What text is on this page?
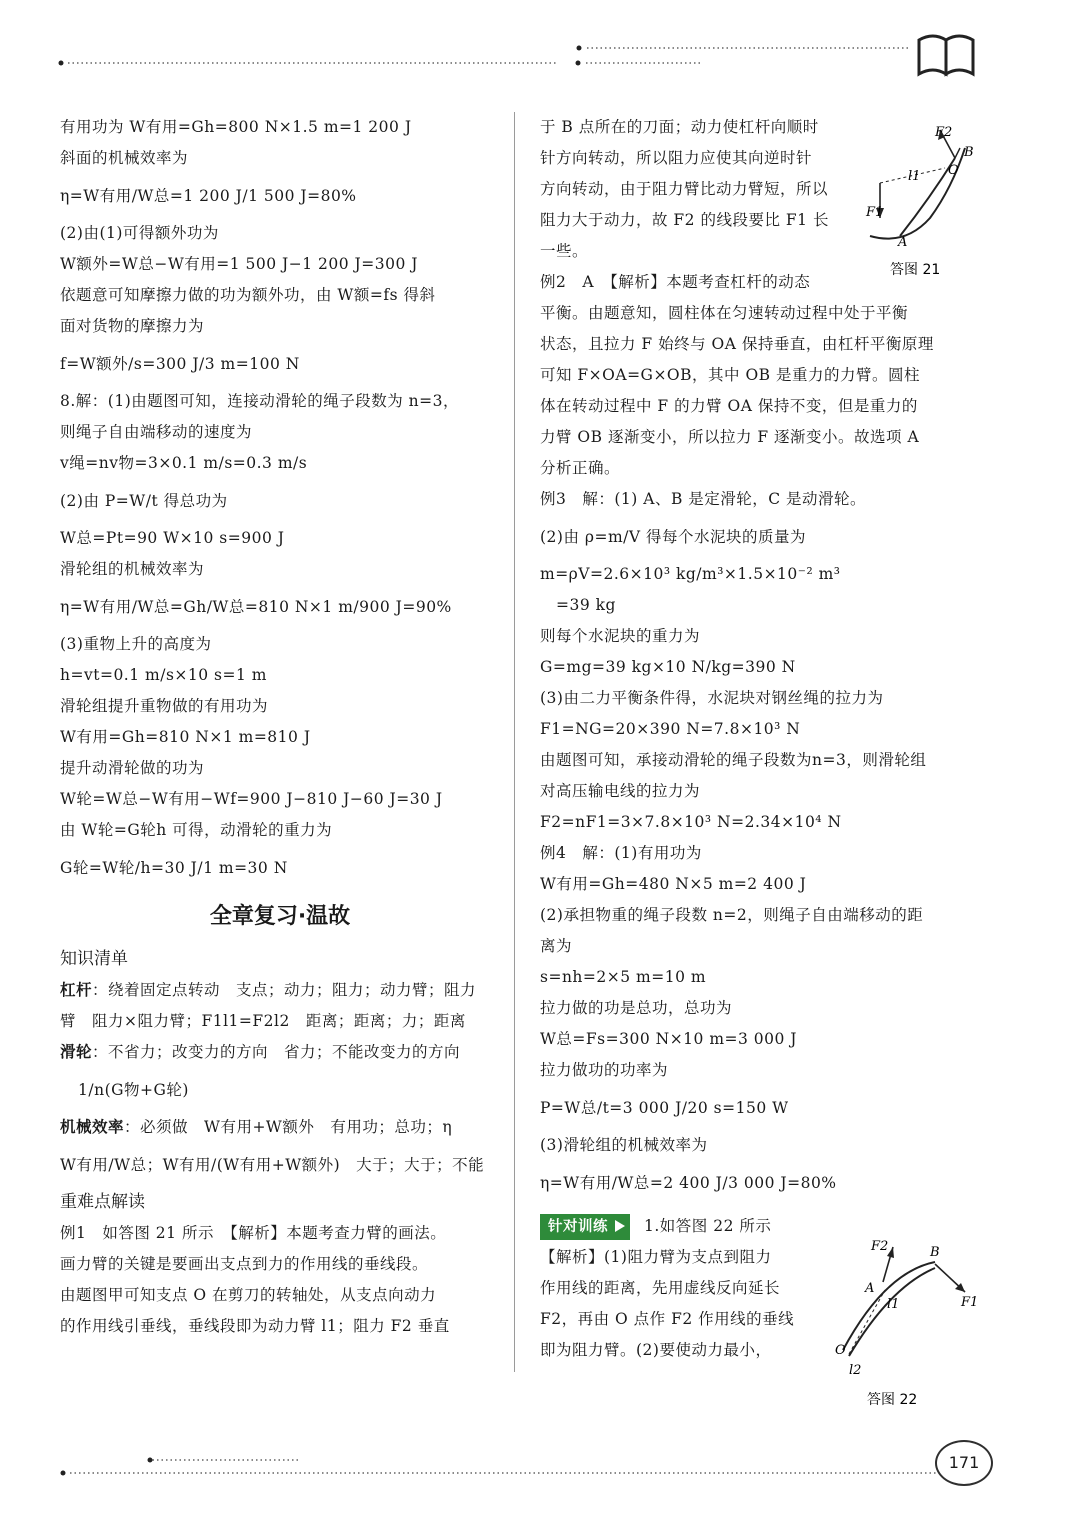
有用功为 W有用=Gh=800 N×1.5 m=1 200 J
斜面的机械效率为
η=W有用/W总=1 200 J/1 500 J=80%
(2)由(1)可得额外功为
W额外=W总−W有用=1 500 J−1 200 J=300 J
依题意可知摩擦力做的功为额外功，由 W额=fs 得斜
面对货物的摩擦力为
f=W额外/s=300 J/3 m=100 N
8.解：(1)由题图可知，连接动滑轮的绳子段数为 n=3，
则绳子自由端移动的速度为
v绳=nv物=3×0.1 m/s=0.3 m/s
(2)由 P=W/t 得总功为
W总=Pt=90 W×10 s=900 J
滑轮组的机械效率为
η=W有用/W总=Gh/W总=810 N×1 m/900 J=90%
(3)重物上升的高度为
h=vt=0.1 m/s×10 s=1 m
滑轮组提升重物做的有用功为
W有用=Gh=810 N×1 m=810 J
提升动滑轮做的功为
W轮=W总−W有用−Wf=900 J−810 J−60 J=30 J
由 W轮=G轮h 可得，动滑轮的重力为
G轮=W轮/h=30 J/1 m=30 N
全章复习·温故
知识清单
杠杆：绕着固定点转动　支点；动力；阻力；动力臂；阻力
臂　阻力×阻力臂；F1l1=F2l2　距离；距离；力；距离
滑轮：不省力；改变力的方向　省力；不能改变力的方向
1/n(G物+G轮)
机械效率：必须做　W有用+W额外　有用功；总功；η
W有用/W总；W有用/(W有用+W额外)　大于；大于；不能
重难点解读
例1　如答图 21 所示　【解析】本题考查力臂的画法。
画力臂的关键是要画出支点到力的作用线的垂线段。
由题图甲可知支点 O 在剪刀的转轴处，从支点向动力
的作用线引垂线，垂线段即为动力臂 l1；阻力 F2 垂直
于 B 点所在的刀面；动力使杠杆向顺时
针方向转动，所以阻力应使其向逆时针
方向转动，由于阻力臂比动力臂短，所以
阻力大于动力，故 F2 的线段要比 F1 长
一些。
例2　A　【解析】本题考查杠杆的动态
平衡。由题意知，圆柱体在匀速转动过程中处于平衡
状态，且拉力 F 始终与 OA 保持垂直，由杠杆平衡原理
可知 F×OA=G×OB，其中 OB 是重力的力臂。圆柱
体在转动过程中 F 的力臂 OA 保持不变，但是重力的
力臂 OB 逐渐变小，所以拉力 F 逐渐变小。故选项 A
分析正确。
例3　解：(1) A、B 是定滑轮，C 是动滑轮。
(2)由 ρ=m/V 得每个水泥块的质量为
m=ρV=2.6×10³ kg/m³×1.5×10⁻² m³
　=39 kg
则每个水泥块的重力为
G=mg=39 kg×10 N/kg=390 N
(3)由二力平衡条件得，水泥块对钢丝绳的拉力为
F1=NG=20×390 N=7.8×10³ N
由题图可知，承接动滑轮的绳子段数为n=3，则滑轮组
对高压输电线的拉力为
F2=nF1=3×7.8×10³ N=2.34×10⁴ N
例4　解：(1)有用功为
W有用=Gh=480 N×5 m=2 400 J
(2)承担物重的绳子段数 n=2，则绳子自由端移动的距
离为
s=nh=2×5 m=10 m
拉力做的功是总功，总功为
W总=Fs=300 N×10 m=3 000 J
拉力做功的功率为
P=W总/t=3 000 J/20 s=150 W
(3)滑轮组的机械效率为
η=W有用/W总=2 400 J/3 000 J=80%
针对训练 1.如答图 22 所示
【解析】(1)阻力臂为支点到阻力
作用线的距离，先用虚线反向延长
F2，再由 O 点作 F2 作用线的垂线
即为阻力臂。(2)要使动力最小，
F2
B
O
l1
F1
A
答图 21
F2	B
A
l1	F1
O
l2
答图 22
171
